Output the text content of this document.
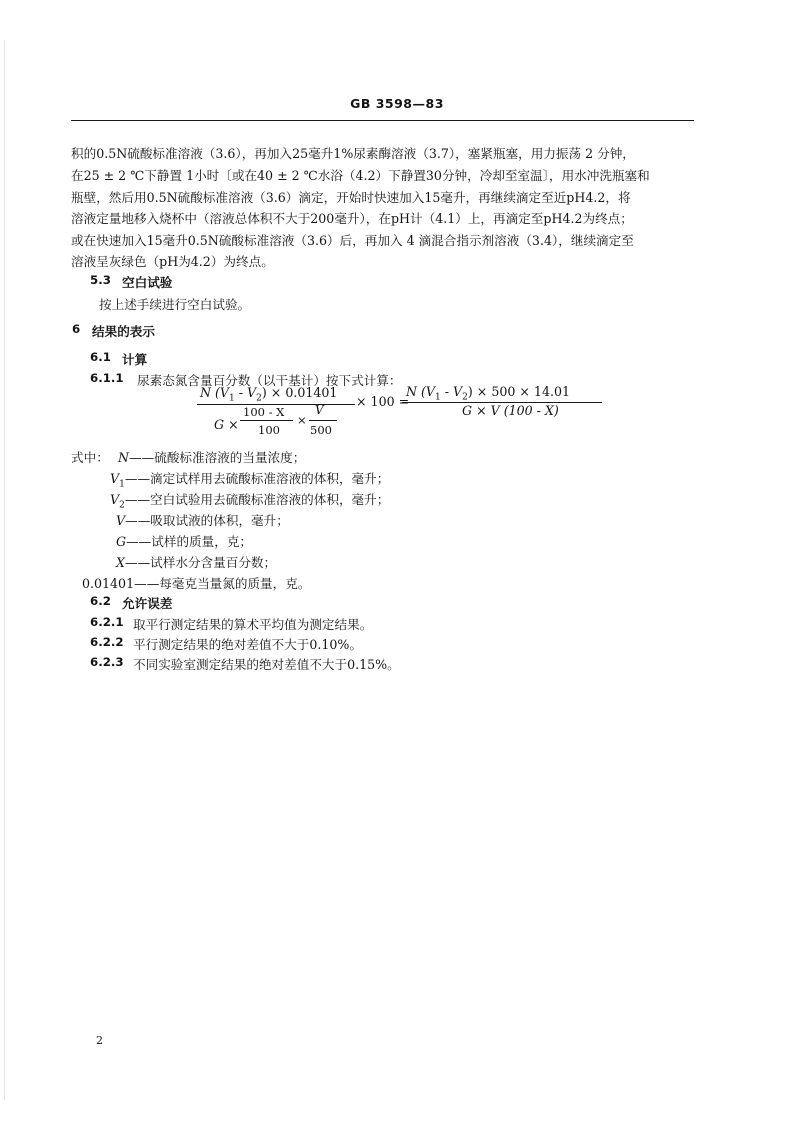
GB 3598—83
积的0.5N硫酸标准溶液（3.6），再加入25毫升1%尿素酶溶液（3.7），塞紧瓶塞，用力振荡 2 分钟，
在25 ± 2 ℃下静置 1小时〔或在40 ± 2 ℃水浴（4.2）下静置30分钟，冷却至室温〕，用水冲洗瓶塞和
瓶壁，然后用0.5N硫酸标准溶液（3.6）滴定，开始时快速加入15毫升，再继续滴定至近pH4.2，将
溶液定量地移入烧杯中（溶液总体积不大于200毫升），在pH计（4.1）上，再滴定至pH4.2为终点；
或在快速加入15毫升0.5N硫酸标准溶液（3.6）后，再加入 4 滴混合指示剂溶液（3.4），继续滴定至
溶液呈灰绿色（pH为4.2）为终点。
5.3 空白试验
按上述手续进行空白试验。
6 结果的表示
6.1 计算
6.1.1 尿素态氮含量百分数（以干基计）按下式计算：
N $(V_1 - V_2) \times 0.01401$
G ×
100 - X
100
×
V
500
× 100 =
N $(V_1 - V_2) \times 500 \times 14.01$
G × V (100 - X)
式中： N——硫酸标准溶液的当量浓度；
$V_1——$滴定试样用去硫酸标准溶液的体积，毫升；
$V_2——$空白试验用去硫酸标准溶液的体积，毫升；
V——吸取试液的体积，毫升；
G——试样的质量，克；
X——试样水分含量百分数；
0.01401——每毫克当量氮的质量，克。
6.2 允许误差
6.2.1 取平行测定结果的算术平均值为测定结果。
6.2.2 平行测定结果的绝对差值不大于0.10%。
6.2.3 不同实验室测定结果的绝对差值不大于0.15%。
2
